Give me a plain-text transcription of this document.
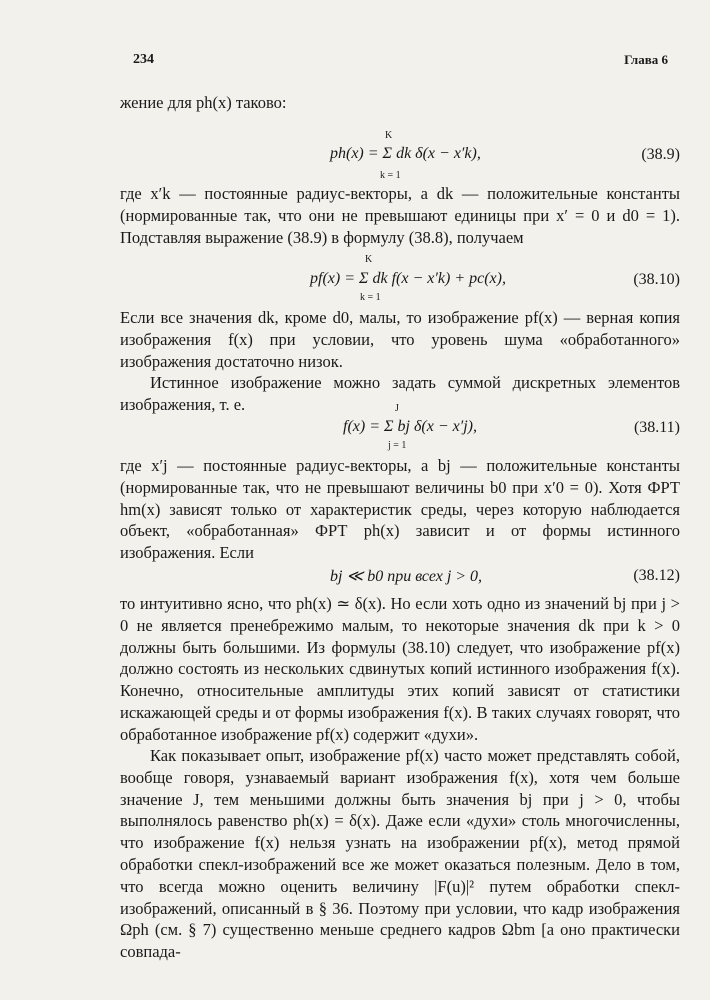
234	Глава 6

жение для ph(x) таково:

ph(x) = Σ dk δ(x − x′k),
K
k = 1
(38.9)

где x′k — постоянные радиус-векторы, а dk — положительные константы (нормированные так, что они не превышают единицы при x′ = 0 и d0 = 1). Подставляя выражение (38.9) в формулу (38.8), получаем

pf(x) = Σ dk f(x − x′k) + pc(x),
K
k = 1
(38.10)

Если все значения dk, кроме d0, малы, то изображение pf(x) — верная копия изображения f(x) при условии, что уровень шума «обработанного» изображения достаточно низок.

Истинное изображение можно задать суммой дискретных элементов изображения, т. е.

f(x) = Σ bj δ(x − x′j),
J
j = 1
(38.11)

где x′j — постоянные радиус-векторы, а bj — положительные константы (нормированные так, что не превышают величины b0 при x′0 = 0). Хотя ФРТ hm(x) зависят только от характеристик среды, через которую наблюдается объект, «обработанная» ФРТ ph(x) зависит и от формы истинного изображения. Если

bj ≪ b0 при всех j > 0,	(38.12)

то интуитивно ясно, что ph(x) ≃ δ(x). Но если хоть одно из значений bj при j > 0 не является пренебрежимо малым, то некоторые значения dk при k > 0 должны быть большими. Из формулы (38.10) следует, что изображение pf(x) должно состоять из нескольких сдвинутых копий истинного изображения f(x). Конечно, относительные амплитуды этих копий зависят от статистики искажающей среды и от формы изображения f(x). В таких случаях говорят, что обработанное изображение pf(x) содержит «духи».

Как показывает опыт, изображение pf(x) часто может представлять собой, вообще говоря, узнаваемый вариант изображения f(x), хотя чем больше значение J, тем меньшими должны быть значения bj при j > 0, чтобы выполнялось равенство ph(x) = δ(x). Даже если «духи» столь многочисленны, что изображение f(x) нельзя узнать на изображении pf(x), метод прямой обработки спекл-изображений все же может оказаться полезным. Дело в том, что всегда можно оценить величину |F(u)|² путем обработки спекл-изображений, описанный в § 36. Поэтому при условии, что кадр изображения Ωph (см. § 7) существенно меньше среднего кадров Ωbm [а оно практически совпада-
